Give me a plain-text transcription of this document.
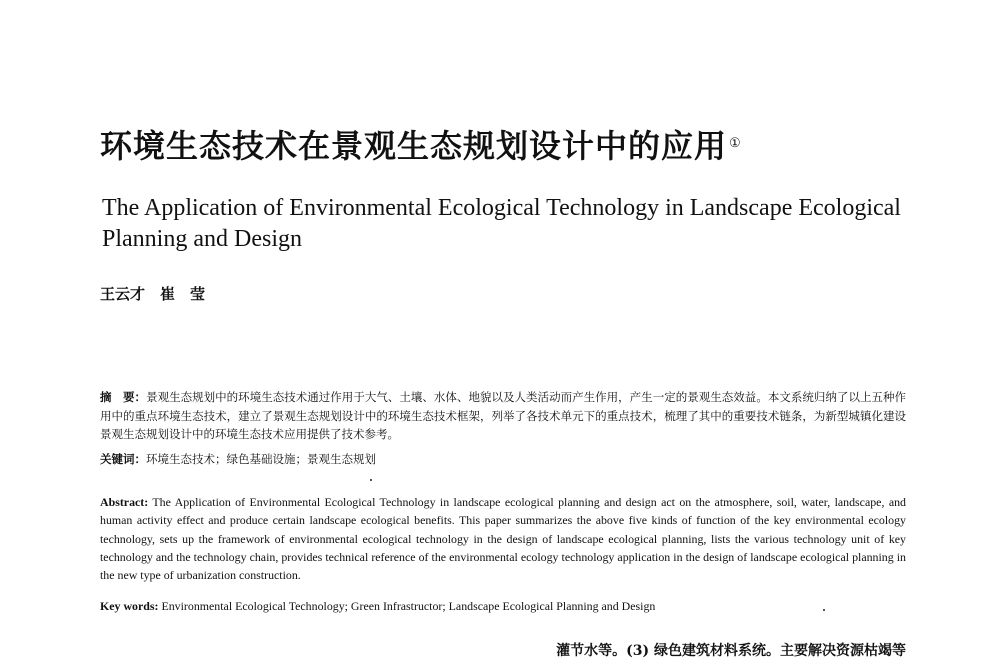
环境生态技术在景观生态规划设计中的应用 ①
The Application of Environmental Ecological Technology in Landscape Ecological Planning and Design
王云才　崔　莹
摘　要：景观生态规划中的环境生态技术通过作用于大气、土壤、水体、地貌以及人类活动而产生作用，产生一定的景观生态效益。本文系统归纳了以上五种作用中的重点环境生态技术，建立了景观生态规划设计中的环境生态技术框架，列举了各技术单元下的重点技术，梳理了其中的重要技术链条，为新型城镇化建设景观生态规划设计中的环境生态技术应用提供了技术参考。
关键词：环境生态技术；绿色基础设施；景观生态规划
Abstract: The Application of Environmental Ecological Technology in landscape ecological planning and design act on the atmosphere, soil, water, landscape, and human activity effect and produce certain landscape ecological benefits. This paper summarizes the above five kinds of function of the key environmental ecology technology, sets up the framework of environmental ecological technology in the design of landscape ecological planning, lists the various technology unit of key technology and the technology chain, provides technical reference of the environmental ecology technology application in the design of landscape ecological planning in the new type of urbanization construction.
Key words: Environmental Ecological Technology; Green Infrastructor; Landscape Ecological Planning and Design
灌节水等。(3) 绿色建筑材料系统。主要解决资源枯竭等
